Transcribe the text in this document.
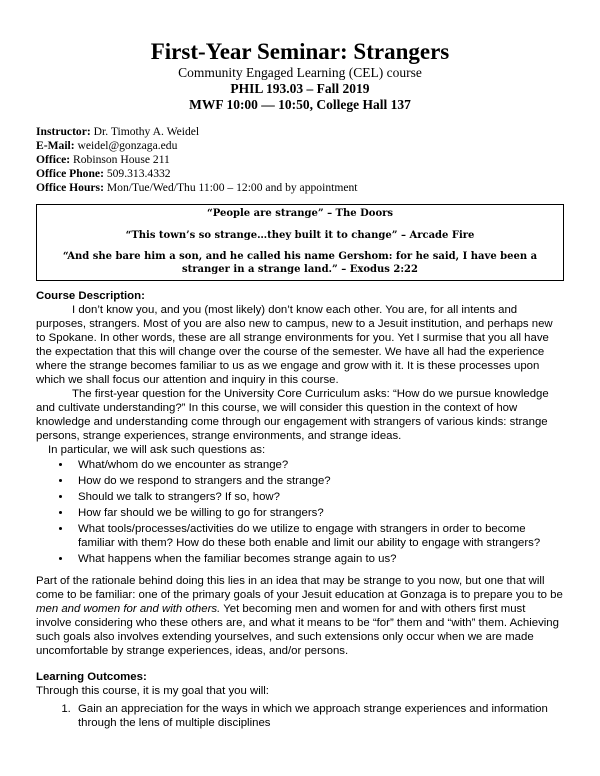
First-Year Seminar: Strangers

Community Engaged Learning (CEL) course

PHIL 193.03 – Fall 2019

MWF 10:00 — 10:50, College Hall 137

Instructor: Dr. Timothy A. Weidel
E-Mail: weidel@gonzaga.edu
Office: Robinson House 211
Office Phone: 509.313.4332
Office Hours: Mon/Tue/Wed/Thu 11:00 – 12:00 and by appointment

“People are strange” – The Doors

“This town’s so strange…they built it to change” – Arcade Fire

“And she bare him a son, and he called his name Gershom: for he said, I have been a stranger in a strange land.” – Exodus 2:22

Course Description:

I don’t know you, and you (most likely) don’t know each other. You are, for all intents and purposes, strangers. Most of you are also new to campus, new to a Jesuit institution, and perhaps new to Spokane. In other words, these are all strange environments for you. Yet I surmise that you all have the expectation that this will change over the course of the semester. We have all had the experience where the strange becomes familiar to us as we engage and grow with it. It is these processes upon which we shall focus our attention and inquiry in this course.

The first-year question for the University Core Curriculum asks: “How do we pursue knowledge and cultivate understanding?” In this course, we will consider this question in the context of how knowledge and understanding come through our engagement with strangers of various kinds: strange persons, strange experiences, strange environments, and strange ideas.

In particular, we will ask such questions as:

• What/whom do we encounter as strange?
• How do we respond to strangers and the strange?
• Should we talk to strangers? If so, how?
• How far should we be willing to go for strangers?
• What tools/processes/activities do we utilize to engage with strangers in order to become familiar with them? How do these both enable and limit our ability to engage with strangers?
• What happens when the familiar becomes strange again to us?

Part of the rationale behind doing this lies in an idea that may be strange to you now, but one that will come to be familiar: one of the primary goals of your Jesuit education at Gonzaga is to prepare you to be men and women for and with others. Yet becoming men and women for and with others first must involve considering who these others are, and what it means to be “for” them and “with” them. Achieving such goals also involves extending yourselves, and such extensions only occur when we are made uncomfortable by strange experiences, ideas, and/or persons.

Learning Outcomes:

Through this course, it is my goal that you will:

1. Gain an appreciation for the ways in which we approach strange experiences and information through the lens of multiple disciplines
